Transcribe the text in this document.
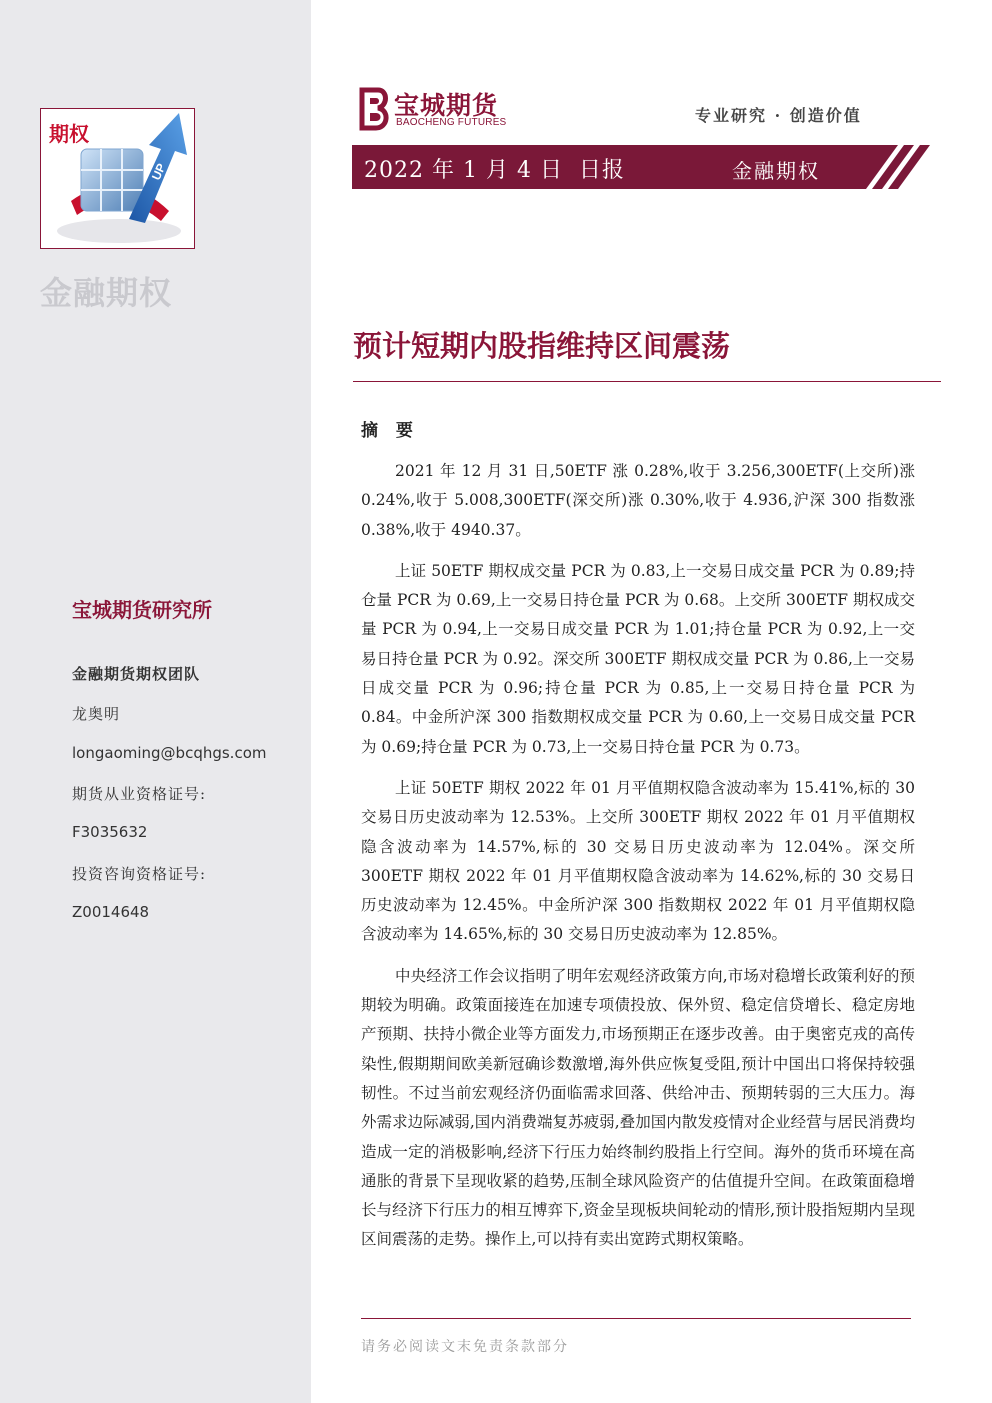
UP
期权
金融期权
宝城期货研究所
金融期货期权团队
龙奥明
longaoming@bcqhgs.com
期货从业资格证号:
F3035632
投资咨询资格证号:
Z0014648
宝城期货
BAOCHENG FUTURES	专业研究 · 创造价值
2022 年 1 月 4 日  日报	金融期权
预计短期内股指维持区间震荡
摘 要

2021 年 12 月 31 日,50ETF 涨 0.28%,收于 3.256,300ETF(上交所)涨 0.24%,收于 5.008,300ETF(深交所)涨 0.30%,收于 4.936,沪深 300 指数涨 0.38%,收于 4940.37。

上证 50ETF 期权成交量 PCR 为 0.83,上一交易日成交量 PCR 为 0.89;持仓量 PCR 为 0.69,上一交易日持仓量 PCR 为 0.68。上交所 300ETF 期权成交量 PCR 为 0.94,上一交易日成交量 PCR 为 1.01;持仓量 PCR 为 0.92,上一交易日持仓量 PCR 为 0.92。深交所 300ETF 期权成交量 PCR 为 0.86,上一交易日成交量 PCR 为 0.96;持仓量 PCR 为 0.85,上一交易日持仓量 PCR 为 0.84。中金所沪深 300 指数期权成交量 PCR 为 0.60,上一交易日成交量 PCR 为 0.69;持仓量 PCR 为 0.73,上一交易日持仓量 PCR 为 0.73。

上证 50ETF 期权 2022 年 01 月平值期权隐含波动率为 15.41%,标的 30 交易日历史波动率为 12.53%。上交所 300ETF 期权 2022 年 01 月平值期权隐含波动率为 14.57%,标的 30 交易日历史波动率为 12.04%。深交所 300ETF 期权 2022 年 01 月平值期权隐含波动率为 14.62%,标的 30 交易日历史波动率为 12.45%。中金所沪深 300 指数期权 2022 年 01 月平值期权隐含波动率为 14.65%,标的 30 交易日历史波动率为 12.85%。

中央经济工作会议指明了明年宏观经济政策方向,市场对稳增长政策利好的预期较为明确。政策面接连在加速专项债投放、保外贸、稳定信贷增长、稳定房地产预期、扶持小微企业等方面发力,市场预期正在逐步改善。由于奥密克戎的高传染性,假期期间欧美新冠确诊数激增,海外供应恢复受阻,预计中国出口将保持较强韧性。不过当前宏观经济仍面临需求回落、供给冲击、预期转弱的三大压力。海外需求边际减弱,国内消费端复苏疲弱,叠加国内散发疫情对企业经营与居民消费均造成一定的消极影响,经济下行压力始终制约股指上行空间。海外的货币环境在高通胀的背景下呈现收紧的趋势,压制全球风险资产的估值提升空间。在政策面稳增长与经济下行压力的相互博弈下,资金呈现板块间轮动的情形,预计股指短期内呈现区间震荡的走势。操作上,可以持有卖出宽跨式期权策略。

请务必阅读文末免责条款部分
